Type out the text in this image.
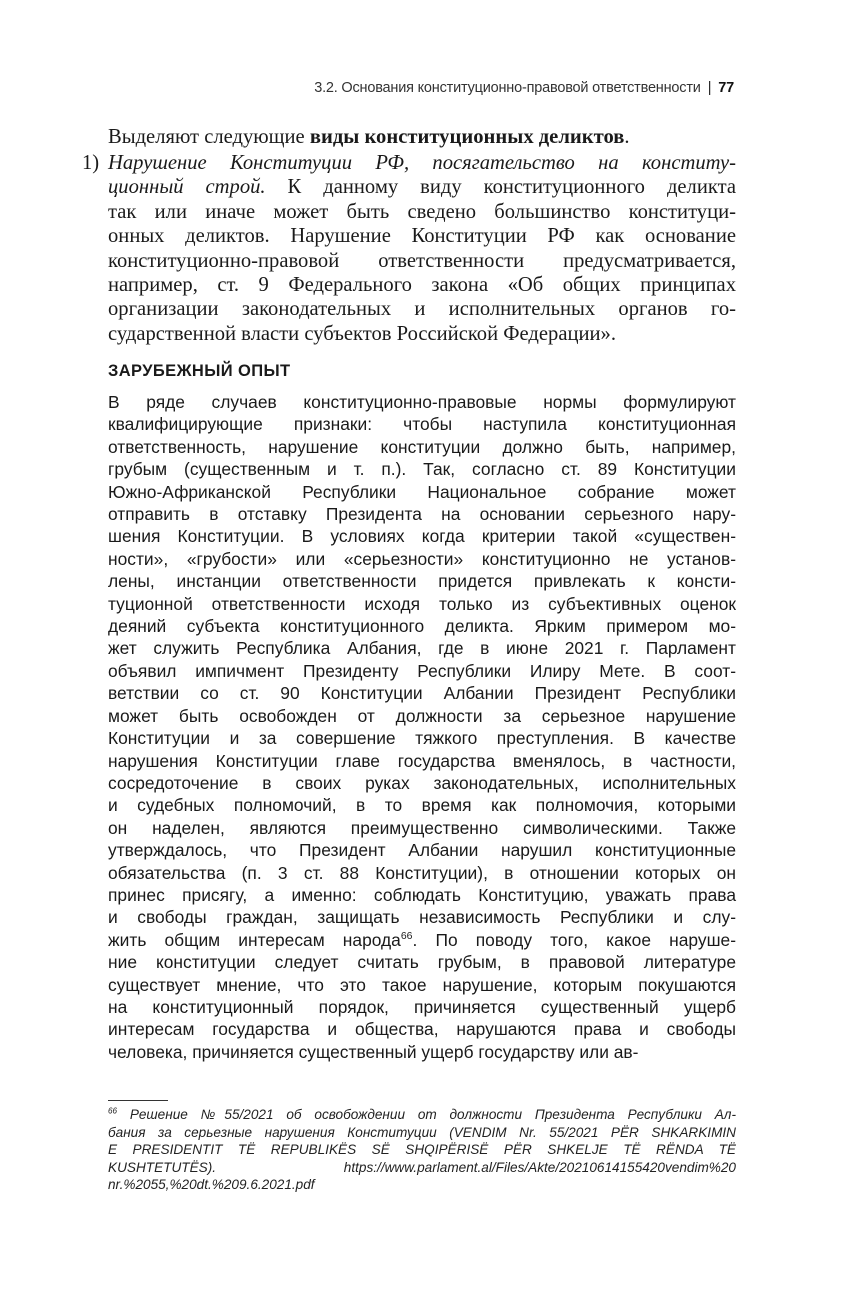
3.2. Основания конституционно-правовой ответственности | 77
Выделяют следующие виды конституционных деликтов.
1) Нарушение Конституции РФ, посягательство на конститу-

ционный строй. К данному виду конституционного деликта

так или иначе может быть сведено большинство конституци-

онных деликтов. Нарушение Конституции РФ как основание

конституционно-правовой ответственности предусматривается,

например, ст. 9 Федерального закона «Об общих принципах

организации законодательных и исполнительных органов го-

сударственной власти субъектов Российской Федерации».

ЗАРУБЕЖНЫЙ ОПЫТ

В ряде случаев конституционно-правовые нормы формулируют

квалифицирующие признаки: чтобы наступила конституционная

ответственность, нарушение конституции должно быть, например,

грубым (существенным и т. п.). Так, согласно ст. 89 Конституции

Южно-Африканской Республики Национальное собрание может

отправить в отставку Президента на основании серьезного нару-

шения Конституции. В условиях когда критерии такой «существен-

ности», «грубости» или «серьезности» конституционно не установ-

лены, инстанции ответственности придется привлекать к консти-

туционной ответственности исходя только из субъективных оценок

деяний субъекта конституционного деликта. Ярким примером мо-

жет служить Республика Албания, где в июне 2021 г. Парламент

объявил импичмент Президенту Республики Илиру Мете. В соот-

ветствии со ст. 90 Конституции Албании Президент Республики

может быть освобожден от должности за серьезное нарушение

Конституции и за совершение тяжкого преступления. В качестве

нарушения Конституции главе государства вменялось, в частности,

сосредоточение в своих руках законодательных, исполнительных

и судебных полномочий, в то время как полномочия, которыми

он наделен, являются преимущественно символическими. Также

утверждалось, что Президент Албании нарушил конституционные

обязательства (п. 3 ст. 88 Конституции), в отношении которых он

принес присягу, а именно: соблюдать Конституцию, уважать права

и свободы граждан, защищать независимость Республики и слу-

жить общим интересам народа$^{66}$. По поводу того, какое наруше-

ние конституции следует считать грубым, в правовой литературе

существует мнение, что это такое нарушение, которым покушаются

на конституционный порядок, причиняется существенный ущерб

интересам государства и общества, нарушаются права и свободы

человека, причиняется существенный ущерб государству или ав-

$^{66}$ Решение №55/2021 об освобождении от должности Президента Республики Ал-

бания за серьезные нарушения Конституции (VENDIM Nr. 55/2021 PËR SHKARKIMIN

E PRESIDENTIT TË REPUBLIKËS SË SHQIPËRISË PËR SHKELJE TË RËNDA TË

KUSHTETUTËS). https://www.parlament.al/Files/Akte/20210614155420vendim%20

nr.%2055,%20dt.%209.6.2021.pdf
